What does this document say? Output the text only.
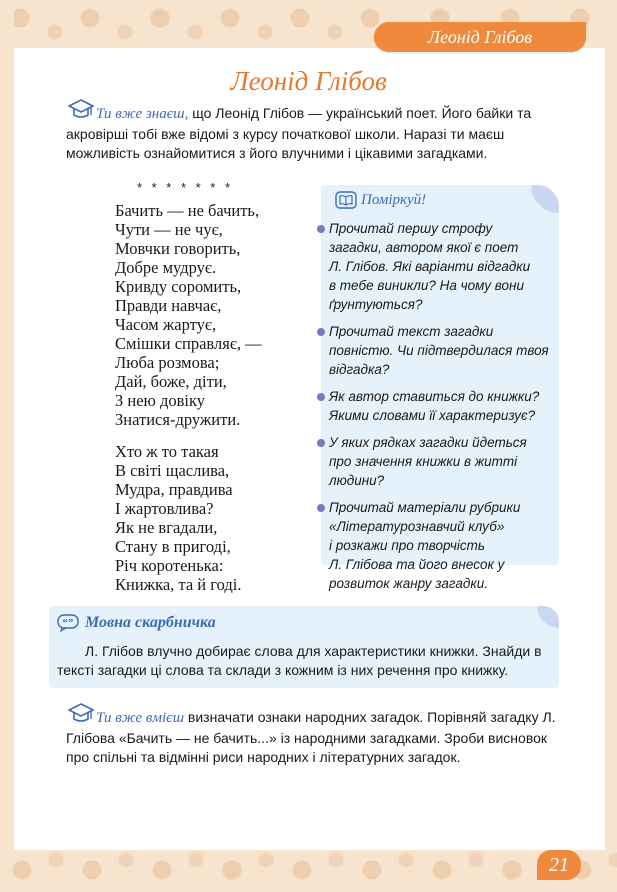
Леонід Глібов
Леонід Глібов
Ти вже знаєш, що Леонід Глібов — український поет. Його байки та акровірші тобі вже відомі з курсу початкової школи. Наразі ти маєш можливість ознайомитися з його влучними і цікавими загадками.
* * * * * * *
Бачить — не бачить,
Чути — не чує,
Мовчки говорить,
Добре мудрує.
Кривду соромить,
Правди навчає,
Часом жартує,
Смішки справляє, —
Люба розмова;
Дай, боже, діти,
З нею довіку
Знатися-дружити.
Хто ж то такая
В світі щаслива,
Мудра, правдива
І жартовлива?
Як не вгадали,
Стану в пригоді,
Річ коротенька:
Книжка, та й годі.
Поміркуй!
Прочитай першу строфу
загадки, автором якої є поет
Л. Глібов. Які варіанти відгадки
в тебе виникли? На чому вони
ґрунтуються?
Прочитай текст загадки
повністю. Чи підтвердилася твоя
відгадка?
Як автор ставиться до книжки?
Якими словами її характеризує?
У яких рядках загадки йдеться
про значення книжки в житті
людини?
Прочитай матеріали рубрики
«Літературознавчий клуб»
і розкажи про творчість
Л. Глібова та його внесок у
розвиток жанру загадки.
“” Мовна скарбничка
Л. Глібов влучно добирає слова для характеристики книжки. Знайди в тексті загадки ці слова та склади з кожним із них речення про книжку.
Ти вже вмієш визначати ознаки народних загадок. Порівняй загадку Л. Глібова «Бачить — не бачить...» із народними загадками. Зроби висновок про спільні та відмінні риси народних і літературних загадок.
21
